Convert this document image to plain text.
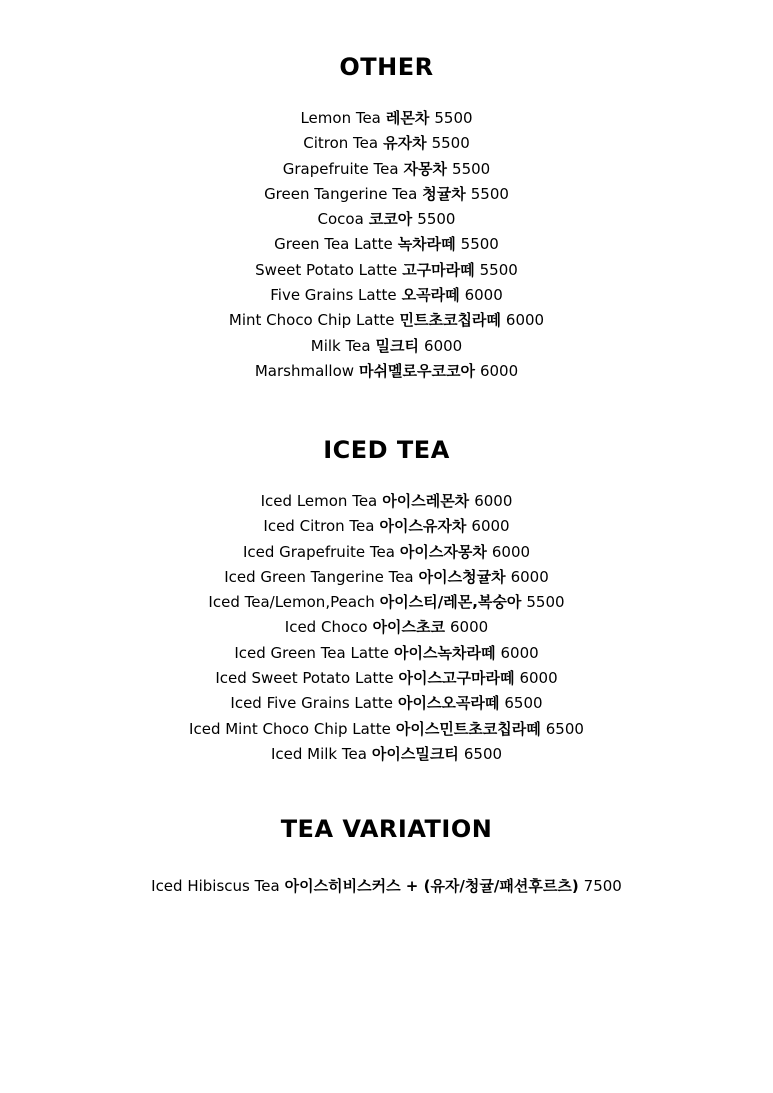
OTHER
Lemon Tea 레몬차 5500
Citron Tea 유자차 5500
Grapefruite Tea 자몽차 5500
Green Tangerine Tea 청귤차 5500
Cocoa 코코아 5500
Green Tea Latte 녹차라떼 5500
Sweet Potato Latte 고구마라떼 5500
Five Grains Latte 오곡라떼 6000
Mint Choco Chip Latte 민트초코칩라떼 6000
Milk Tea 밀크티 6000
Marshmallow 마쉬멜로우코코아 6000
ICED TEA
Iced Lemon Tea 아이스레몬차 6000
Iced Citron Tea 아이스유자차 6000
Iced Grapefruite Tea 아이스자몽차 6000
Iced Green Tangerine Tea 아이스청귤차 6000
Iced Tea/Lemon,Peach 아이스티/레몬,복숭아 5500
Iced Choco 아이스초코 6000
Iced Green Tea Latte 아이스녹차라떼 6000
Iced Sweet Potato Latte 아이스고구마라떼 6000
Iced Five Grains Latte 아이스오곡라떼 6500
Iced Mint Choco Chip Latte 아이스민트초코칩라떼 6500
Iced Milk Tea 아이스밀크티 6500
TEA VARIATION
Iced Hibiscus Tea 아이스히비스커스 + (유자/청귤/패션후르츠) 7500
